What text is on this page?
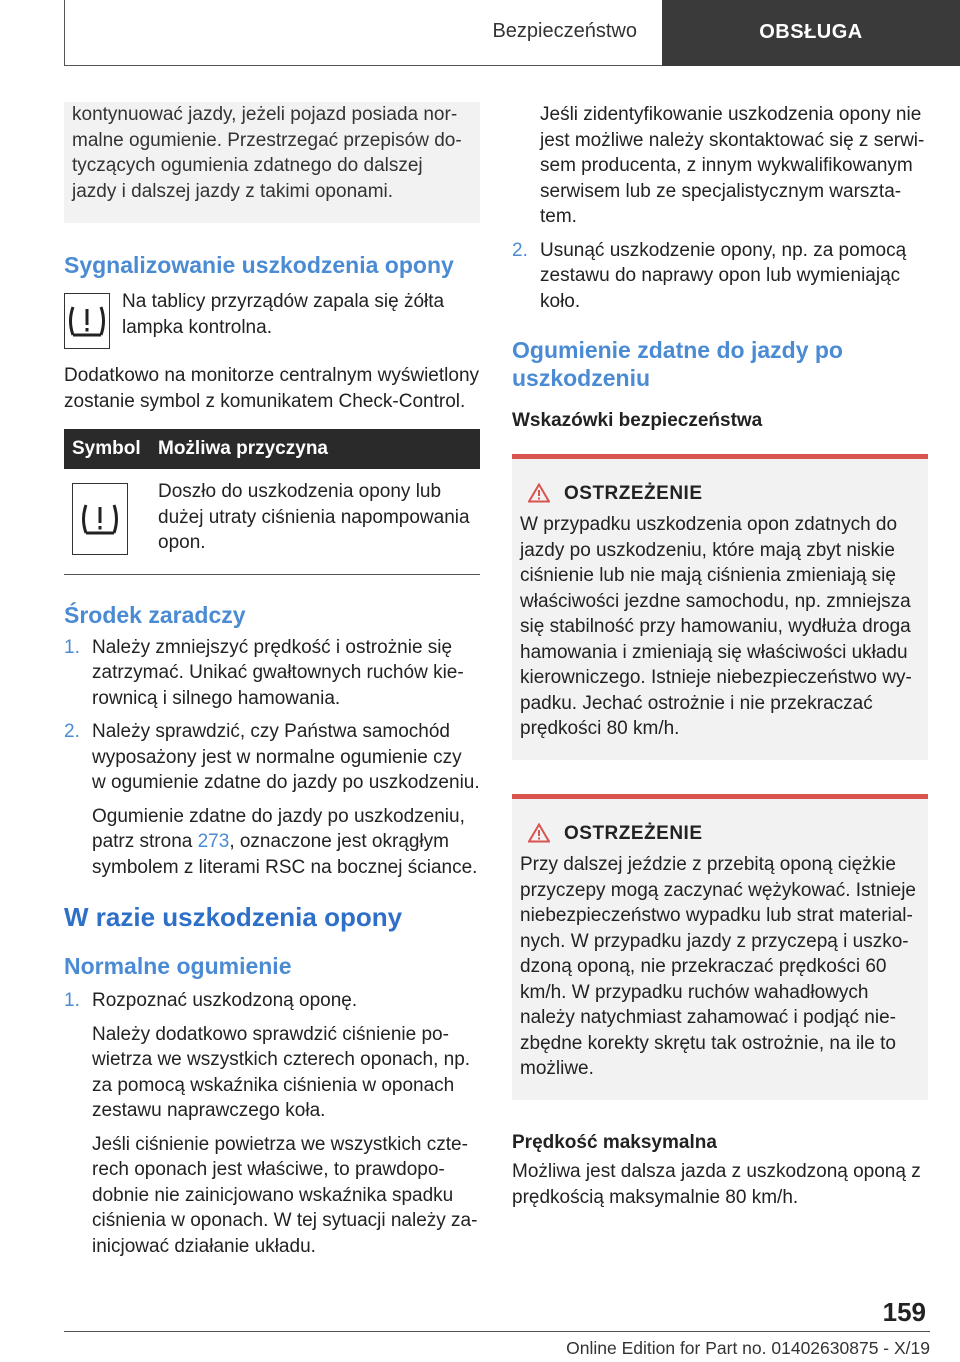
Bezpieczeństwo	OBSŁUGA

kontynuować jazdy, jeżeli pojazd posiada normalne ogumienie. Przestrzegać przepisów dotyczących ogumienia zdatnego do dalszej jazdy i dalszej jazdy z takimi oponami.

Sygnalizowanie uszkodzenia opony

Na tablicy przyrządów zapala się żółta lampka kontrolna.

Dodatkowo na monitorze centralnym wyświetlony zostanie symbol z komunikatem Check-Control.

Symbol	Możliwa przyczyna

	Doszło do uszkodzenia opony lub dużej utraty ciśnienia napompowania opon.
Środek zaradczy
1. Należy zmniejszyć prędkość i ostrożnie się zatrzymać. Unikać gwałtownych ruchów kierownicą i silnego hamowania.

2. Należy sprawdzić, czy Państwa samochód wyposażony jest w normalne ogumienie czy w ogumienie zdatne do jazdy po uszkodzeniu.

Ogumienie zdatne do jazdy po uszkodzeniu, patrz strona 273, oznaczone jest okrągłym symbolem z literami RSC na bocznej ściance.

W razie uszkodzenia opony
Normalne ogumienie
1. Rozpoznać uszkodzoną oponę.

Należy dodatkowo sprawdzić ciśnienie powietrza we wszystkich czterech oponach, np. za pomocą wskaźnika ciśnienia w oponach zestawu naprawczego koła.

Jeśli ciśnienie powietrza we wszystkich czterech oponach jest właściwe, to prawdopodobnie nie zainicjowano wskaźnika spadku ciśnienia w oponach. W tej sytuacji należy zainicjować działanie układu.

Jeśli zidentyfikowanie uszkodzenia opony nie jest możliwe należy skontaktować się z serwisem producenta, z innym wykwalifikowanym serwisem lub ze specjalistycznym warsztatem.

2. Usunąć uszkodzenie opony, np. za pomocą zestawu do naprawy opon lub wymieniając koło.

Ogumienie zdatne do jazdy po uszkodzeniu
Wskazówki bezpieczeństwa
OSTRZEŻENIE

W przypadku uszkodzenia opon zdatnych do jazdy po uszkodzeniu, które mają zbyt niskie ciśnienie lub nie mają ciśnienia zmieniają się właściwości jezdne samochodu, np. zmniejsza się stabilność przy hamowaniu, wydłuża droga hamowania i zmieniają się właściwości układu kierowniczego. Istnieje niebezpieczeństwo wypadku. Jechać ostrożnie i nie przekraczać prędkości 80 km/h.

OSTRZEŻENIE

Przy dalszej jeździe z przebitą oponą ciężkie przyczepy mogą zaczynać wężykować. Istnieje niebezpieczeństwo wypadku lub strat materialnych. W przypadku jazdy z przyczepą i uszkodzoną oponą, nie przekraczać prędkości 60 km/h. W przypadku ruchów wahadłowych należy natychmiast zahamować i podjąć niezbędne korekty skrętu tak ostrożnie, na ile to możliwe.

Prędkość maksymalna

Możliwa jest dalsza jazda z uszkodzoną oponą z prędkością maksymalnie 80 km/h.

159
Online Edition for Part no. 01402630875 - X/19
